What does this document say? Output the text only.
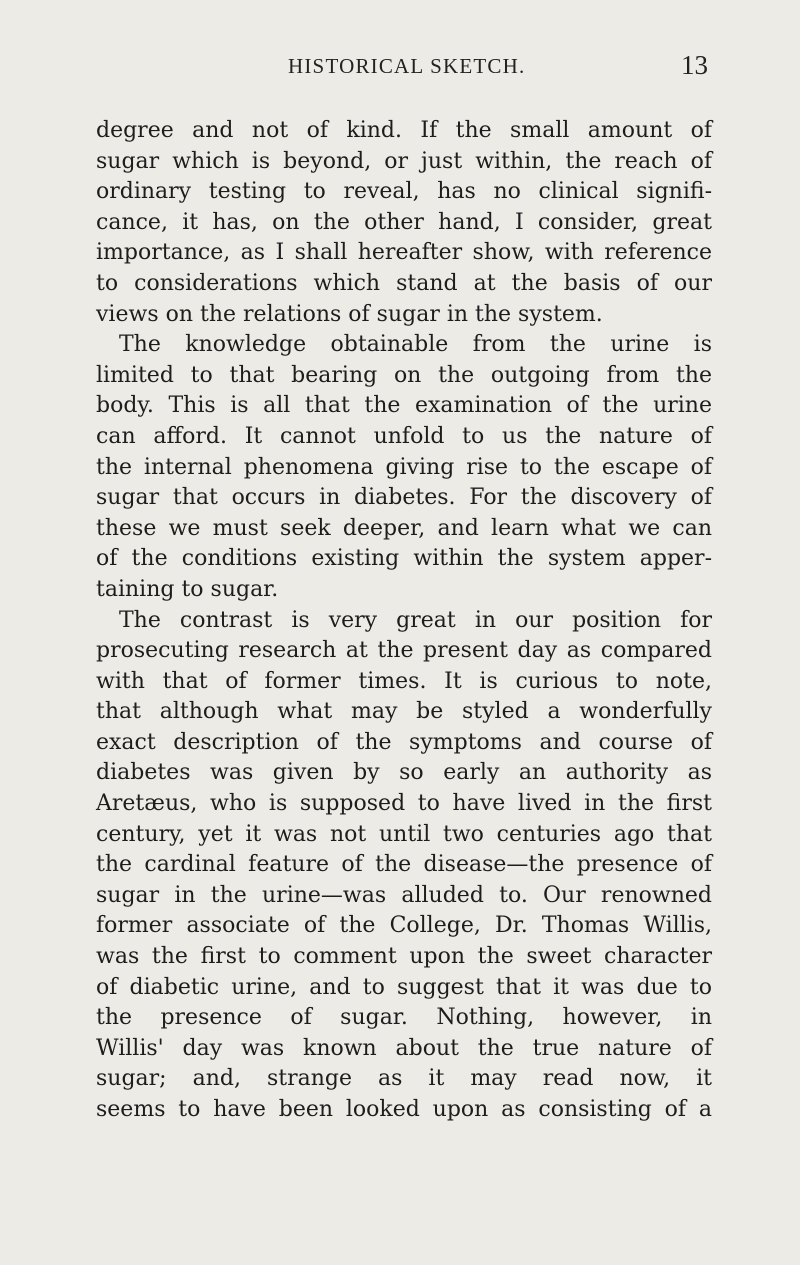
HISTORICAL SKETCH.	13
degree and not of kind. If the small amount of
sugar which is beyond, or just within, the reach of
ordinary testing to reveal, has no clinical signifi-
cance, it has, on the other hand, I consider, great
importance, as I shall hereafter show, with reference
to considerations which stand at the basis of our
views on the relations of sugar in the system.
The knowledge obtainable from the urine is
limited to that bearing on the outgoing from the
body. This is all that the examination of the urine
can afford. It cannot unfold to us the nature of
the internal phenomena giving rise to the escape of
sugar that occurs in diabetes. For the discovery of
these we must seek deeper, and learn what we can
of the conditions existing within the system apper-
taining to sugar.
The contrast is very great in our position for
prosecuting research at the present day as compared
with that of former times. It is curious to note,
that although what may be styled a wonderfully
exact description of the symptoms and course of
diabetes was given by so early an authority as
Aretæus, who is supposed to have lived in the first
century, yet it was not until two centuries ago that
the cardinal feature of the disease—the presence of
sugar in the urine—was alluded to. Our renowned
former associate of the College, Dr. Thomas Willis,
was the first to comment upon the sweet character
of diabetic urine, and to suggest that it was due to
the presence of sugar. Nothing, however, in
Willis' day was known about the true nature of
sugar; and, strange as it may read now, it
seems to have been looked upon as consisting of a
